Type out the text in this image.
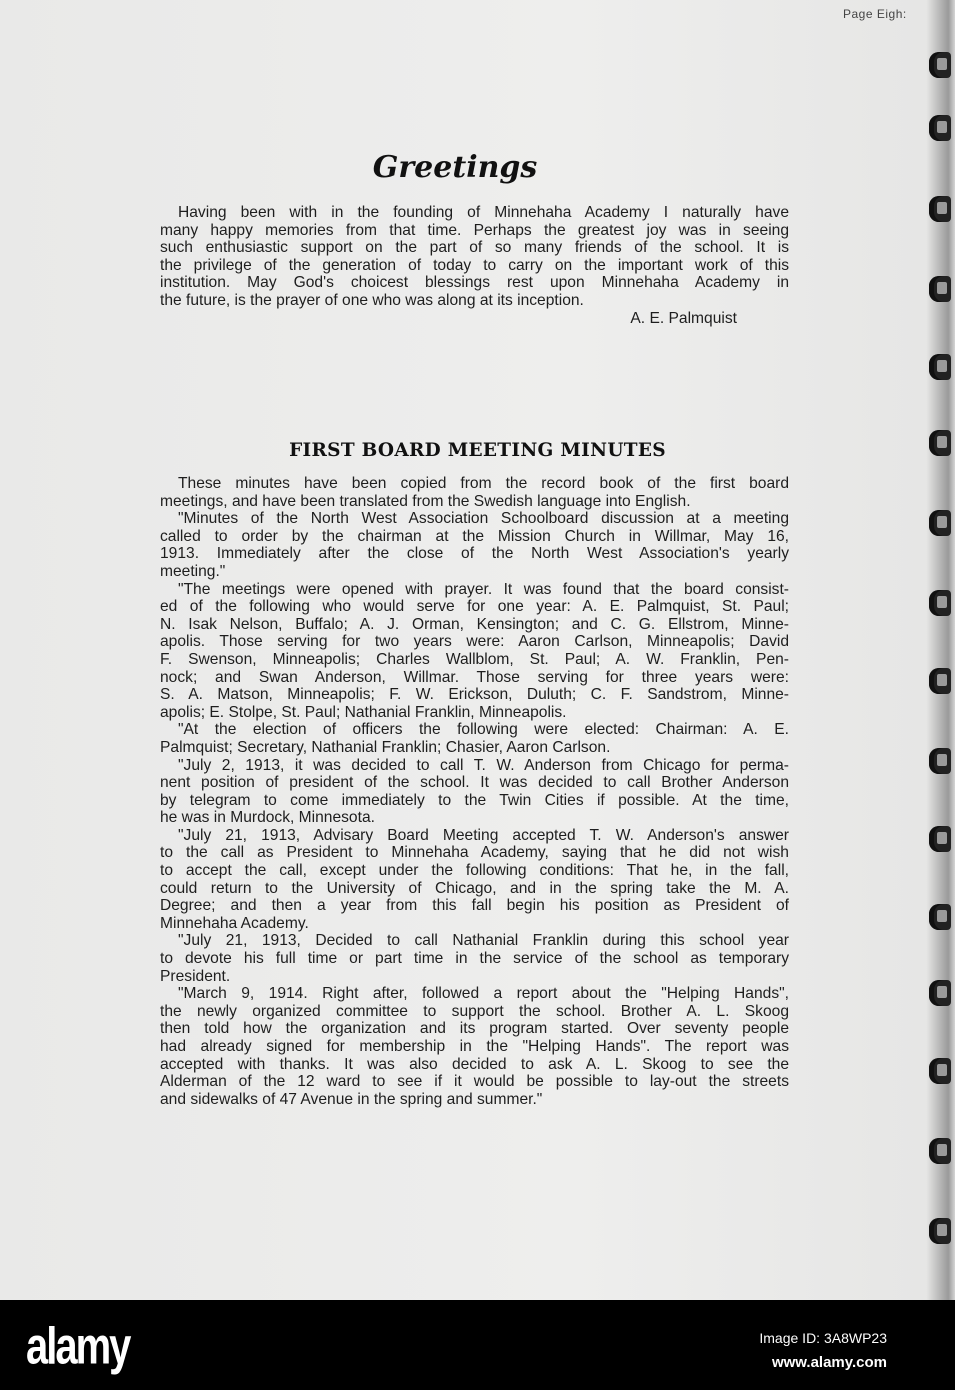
Page Eigh:
Greetings
Having been with in the founding of Minnehaha Academy I naturally have
many happy memories from that time. Perhaps the greatest joy was in seeing
such enthusiastic support on the part of so many friends of the school. It is
the privilege of the generation of today to carry on the important work of this
institution. May God's choicest blessings rest upon Minnehaha Academy in
the future, is the prayer of one who was along at its inception.
A. E. Palmquist
FIRST BOARD MEETING MINUTES
These minutes have been copied from the record book of the first board
meetings, and have been translated from the Swedish language into English.
"Minutes of the North West Association Schoolboard discussion at a meeting
called to order by the chairman at the Mission Church in Willmar, May 16,
1913. Immediately after the close of the North West Association's yearly
meeting."
"The meetings were opened with prayer. It was found that the board consist-
ed of the following who would serve for one year: A. E. Palmquist, St. Paul;
N. Isak Nelson, Buffalo; A. J. Orman, Kensington; and C. G. Ellstrom, Minne-
apolis. Those serving for two years were: Aaron Carlson, Minneapolis; David
F. Swenson, Minneapolis; Charles Wallblom, St. Paul; A. W. Franklin, Pen-
nock; and Swan Anderson, Willmar. Those serving for three years were:
S. A. Matson, Minneapolis; F. W. Erickson, Duluth; C. F. Sandstrom, Minne-
apolis; E. Stolpe, St. Paul; Nathanial Franklin, Minneapolis.
"At the election of officers the following were elected: Chairman: A. E.
Palmquist; Secretary, Nathanial Franklin; Chasier, Aaron Carlson.
"July 2, 1913, it was decided to call T. W. Anderson from Chicago for perma-
nent position of president of the school. It was decided to call Brother Anderson
by telegram to come immediately to the Twin Cities if possible. At the time,
he was in Murdock, Minnesota.
"July 21, 1913, Advisary Board Meeting accepted T. W. Anderson's answer
to the call as President to Minnehaha Academy, saying that he did not wish
to accept the call, except under the following conditions: That he, in the fall,
could return to the University of Chicago, and in the spring take the M. A.
Degree; and then a year from this fall begin his position as President of
Minnehaha Academy.
"July 21, 1913, Decided to call Nathanial Franklin during this school year
to devote his full time or part time in the service of the school as temporary
President.
"March 9, 1914. Right after, followed a report about the "Helping Hands",
the newly organized committee to support the school. Brother A. L. Skoog
then told how the organization and its program started. Over seventy people
had already signed for membership in the "Helping Hands". The report was
accepted with thanks. It was also decided to ask A. L. Skoog to see the
Alderman of the 12 ward to see if it would be possible to lay-out the streets
and sidewalks of 47 Avenue in the spring and summer."
alamy	Image ID: 3A8WP23
www.alamy.com
